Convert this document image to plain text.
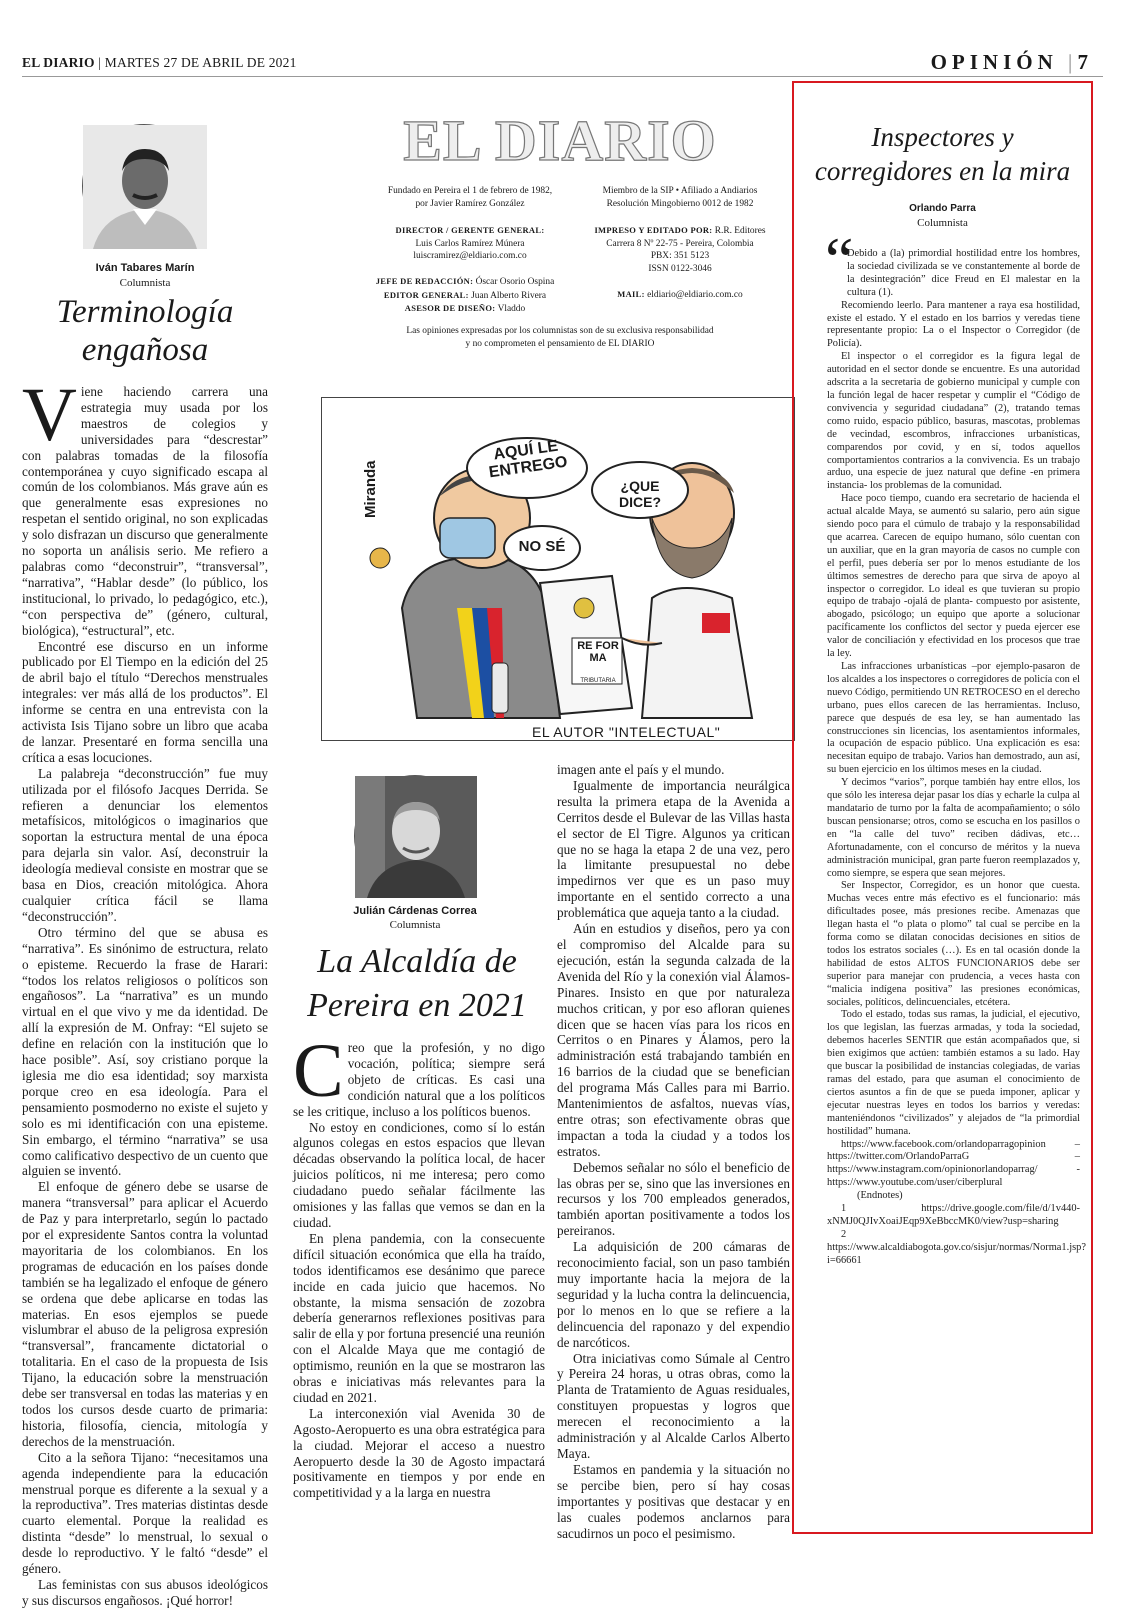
EL DIARIO | MARTES 27 DE ABRIL DE 2021	OPINIÓN | 7
Iván Tabares Marín
Columnista
Terminología
engañosa
V iene haciendo carrera una estrategia muy usada por los maestros de colegios y universidades para “descrestar” con palabras tomadas de la filosofía contemporánea y cuyo significado escapa al común de los colombianos. Más grave aún es que generalmente esas expresiones no respetan el sentido original, no son explicadas y solo disfrazan un discurso que generalmente no soporta un análisis serio. Me refiero a palabras como “deconstruir”, “transversal”, “narrativa”, “Hablar desde” (lo público, los institucional, lo privado, lo pedagógico, etc.), “con perspectiva de” (género, cultural, biológica), “estructural”, etc.

Encontré ese discurso en un informe publicado por El Tiempo en la edición del 25 de abril bajo el título “Derechos menstruales integrales: ver más allá de los productos”. El informe se centra en una entrevista con la activista Isis Tijano sobre un libro que acaba de lanzar. Presentaré en forma sencilla una crítica a esas locuciones.

La palabreja “deconstrucción” fue muy utilizada por el filósofo Jacques Derrida. Se refieren a denunciar los elementos metafísicos, mitológicos o imaginarios que soportan la estructura mental de una época para dejarla sin valor. Así, deconstruir la ideología medieval consiste en mostrar que se basa en Dios, creación mitológica. Ahora cualquier crítica fácil se llama “deconstrucción”.

Otro término del que se abusa es “narrativa”. Es sinónimo de estructura, relato o episteme. Recuerdo la frase de Harari: “todos los relatos religiosos o políticos son engañosos”. La “narrativa” es un mundo virtual en el que vivo y me da identidad. De allí la expresión de M. Onfray: “El sujeto se define en relación con la institución que lo hace posible”. Así, soy cristiano porque la iglesia me dio esa identidad; soy marxista porque creo en esa ideología. Para el pensamiento posmoderno no existe el sujeto y solo es mi identificación con una episteme. Sin embargo, el término “narrativa” se usa como calificativo despectivo de un cuento que alguien se inventó.

El enfoque de género debe se usarse de manera “transversal” para aplicar el Acuerdo de Paz y para interpretarlo, según lo pactado por el expresidente Santos contra la voluntad mayoritaria de los colombianos. En los programas de educación en los países donde también se ha legalizado el enfoque de género se ordena que debe aplicarse en todas las materias. En esos ejemplos se puede vislumbrar el abuso de la peligrosa expresión “transversal”, francamente dictatorial o totalitaria. En el caso de la propuesta de Isis Tijano, la educación sobre la menstruación debe ser transversal en todas las materias y en todos los cursos desde cuarto de primaria: historia, filosofía, ciencia, mitología y derechos de la menstruación.

Cito a la señora Tijano: “necesitamos una agenda independiente para la educación menstrual porque es diferente a la sexual y a la reproductiva”. Tres materias distintas desde cuarto elemental. Porque la realidad es distinta “desde” lo menstrual, lo sexual o desde lo reproductivo. Y le faltó “desde” el género.

Las feministas con sus abusos ideológicos y sus discursos engañosos. ¡Qué horror!

EL DIARIO
Fundado en Pereira el 1 de febrero de 1982,
por Javier Ramírez González
Miembro de la SIP • Afiliado a Andiarios
Resolución Mingobierno 0012 de 1982
DIRECTOR / GERENTE GENERAL:
Luis Carlos Ramírez Múnera
luiscramirez@eldiario.com.co
IMPRESO Y EDITADO POR: R.R. Editores
Carrera 8 Nº 22-75 - Pereira, Colombia
PBX: 351 5123
ISSN 0122-3046
JEFE DE REDACCIÓN: Óscar Osorio Ospina
EDITOR GENERAL: Juan Alberto Rivera
ASESOR DE DISEÑO: Vladdo
MAIL: eldiario@eldiario.com.co
Las opiniones expresadas por los columnistas son de su exclusiva responsabilidad
y no comprometen el pensamiento de EL DIARIO
AQUÍ LE ENTREGO
¿QUE DICE?
NO SÉ
Miranda
RE FOR MA
TRIBUTARIA
EL AUTOR "INTELECTUAL"
Julián Cárdenas Correa
Columnista
La Alcaldía de
Pereira en 2021
C reo que la profesión, y no digo vocación, política; siempre será objeto de críticas. Es casi una condición natural que a los políticos se les critique, incluso a los políticos buenos.

No estoy en condiciones, como sí lo están algunos colegas en estos espacios que llevan décadas observando la política local, de hacer juicios políticos, ni me interesa; pero como ciudadano puedo señalar fácilmente las omisiones y las fallas que vemos se dan en la ciudad.

En plena pandemia, con la consecuente difícil situación económica que ella ha traído, todos identificamos ese desánimo que parece incide en cada juicio que hacemos. No obstante, la misma sensación de zozobra debería generarnos reflexiones positivas para salir de ella y por fortuna presencié una reunión con el Alcalde Maya que me contagió de optimismo, reunión en la que se mostraron las obras e iniciativas más relevantes para la ciudad en 2021.

La interconexión vial Avenida 30 de Agosto-Aeropuerto es una obra estratégica para la ciudad. Mejorar el acceso a nuestro Aeropuerto desde la 30 de Agosto impactará positivamente en tiempos y por ende en competitividad y a la larga en nuestra

imagen ante el país y el mundo.

Igualmente de importancia neurálgica resulta la primera etapa de la Avenida a Cerritos desde el Bulevar de las Villas hasta el sector de El Tigre. Algunos ya critican que no se haga la etapa 2 de una vez, pero la limitante presupuestal no debe impedirnos ver que es un paso muy importante en el sentido correcto a una problemática que aqueja tanto a la ciudad.

Aún en estudios y diseños, pero ya con el compromiso del Alcalde para su ejecución, están la segunda calzada de la Avenida del Río y la conexión vial Álamos-Pinares. Insisto en que por naturaleza muchos critican, y por eso afloran quienes dicen que se hacen vías para los ricos en Cerritos o en Pinares y Álamos, pero la administración está trabajando también en 16 barrios de la ciudad que se benefician del programa Más Calles para mi Barrio. Mantenimientos de asfaltos, nuevas vías, entre otras; son efectivamente obras que impactan a toda la ciudad y a todos los estratos.

Debemos señalar no sólo el beneficio de las obras per se, sino que las inversiones en recursos y los 700 empleados generados, también aportan positivamente a todos los pereiranos.

La adquisición de 200 cámaras de reconocimiento facial, son un paso también muy importante hacia la mejora de la seguridad y la lucha contra la delincuencia, por lo menos en lo que se refiere a la delincuencia del raponazo y del expendio de narcóticos.

Otra iniciativas como Súmale al Centro y Pereira 24 horas, u otras obras, como la Planta de Tratamiento de Aguas residuales, constituyen propuestas y logros que merecen el reconocimiento a la administración y al Alcalde Carlos Alberto Maya.

Estamos en pandemia y la situación no se percibe bien, pero sí hay cosas importantes y positivas que destacar y en las cuales podemos anclarnos para sacudirnos un poco el pesimismo.

Inspectores y
corregidores en la mira
Orlando Parra
Columnista
“

Debido a (la) primordial hostilidad entre los hombres, la sociedad civilizada se ve constantemente al borde de la desintegración” dice Freud en El malestar en la cultura (1).

Recomiendo leerlo. Para mantener a raya esa hostilidad, existe el estado. Y el estado en los barrios y veredas tiene representante propio: La o el Inspector o Corregidor (de Policía).

El inspector o el corregidor es la figura legal de autoridad en el sector donde se encuentre. Es una autoridad adscrita a la secretaria de gobierno municipal y cumple con la función legal de hacer respetar y cumplir el “Código de convivencia y seguridad ciudadana” (2), tratando temas como ruido, espacio público, basuras, mascotas, problemas de vecindad, escombros, infracciones urbanísticas, comparendos por covid, y en sí, todos aquellos comportamientos contrarios a la convivencia. Es un trabajo arduo, una especie de juez natural que define -en primera instancia- los problemas de la comunidad.

Hace poco tiempo, cuando era secretario de hacienda el actual alcalde Maya, se aumentó su salario, pero aún sigue siendo poco para el cúmulo de trabajo y la responsabilidad que acarrea. Carecen de equipo humano, sólo cuentan con un auxiliar, que en la gran mayoría de casos no cumple con el perfil, pues debería ser por lo menos estudiante de los últimos semestres de derecho para que sirva de apoyo al inspector o corregidor. Lo ideal es que tuvieran su propio equipo de trabajo -ojalá de planta- compuesto por asistente, abogado, psicólogo; un equipo que aporte a solucionar pacíficamente los conflictos del sector y pueda ejercer ese valor de conciliación y efectividad en los procesos que trae la ley.

Las infracciones urbanísticas –por ejemplo-pasaron de los alcaldes a los inspectores o corregidores de policía con el nuevo Código, permitiendo UN RETROCESO en el derecho urbano, pues ellos carecen de las herramientas. Incluso, parece que después de esa ley, se han aumentado las construcciones sin licencias, los asentamientos informales, la ocupación de espacio público. Una explicación es esa: necesitan equipo de trabajo. Varios han demostrado, aun así, su buen ejercicio en los últimos meses en la ciudad.

Y decimos “varios”, porque también hay entre ellos, los que sólo les interesa dejar pasar los días y echarle la culpa al mandatario de turno por la falta de acompañamiento; o sólo buscan pensionarse; otros, como se escucha en los pasillos o en “la calle del tuvo” reciben dádivas, etc… Afortunadamente, con el concurso de méritos y la nueva administración municipal, gran parte fueron reemplazados y, como siempre, se espera que sean mejores.

Ser Inspector, Corregidor, es un honor que cuesta. Muchas veces entre más efectivo es el funcionario: más dificultades posee, más presiones recibe. Amenazas que llegan hasta el “o plata o plomo” tal cual se percibe en la forma como se dilatan conocidas decisiones en sitios de todos los estratos sociales (…). Es en tal ocasión donde la habilidad de estos ALTOS FUNCIONARIOS debe ser superior para manejar con prudencia, a veces hasta con “malicia indígena positiva” las presiones económicas, sociales, políticos, delincuenciales, etcétera.

Todo el estado, todas sus ramas, la judicial, el ejecutivo, los que legislan, las fuerzas armadas, y toda la sociedad, debemos hacerles SENTIR que están acompañados que, si bien exigimos que actúen: también estamos a su lado. Hay que buscar la posibilidad de instancias colegiadas, de varias ramas del estado, para que asuman el conocimiento de ciertos asuntos a fin de que se pueda imponer, aplicar y ejecutar nuestras leyes en todos los barrios y veredas: manteniéndonos “civilizados” y alejados de “la primordial hostilidad” humana.

https://www.facebook.com/orlandoparragopinion – https://twitter.com/OrlandoParraG – https://www.instagram.com/opinionorlandoparrag/ - https://www.youtube.com/user/ciberplural

(Endnotes)

1 https://drive.google.com/file/d/1v440-xNMJ0QJIvXoaiJEqp9XeBbccMK0/view?usp=sharing

2 https://www.alcaldiabogota.gov.co/sisjur/normas/Norma1.jsp?i=66661
